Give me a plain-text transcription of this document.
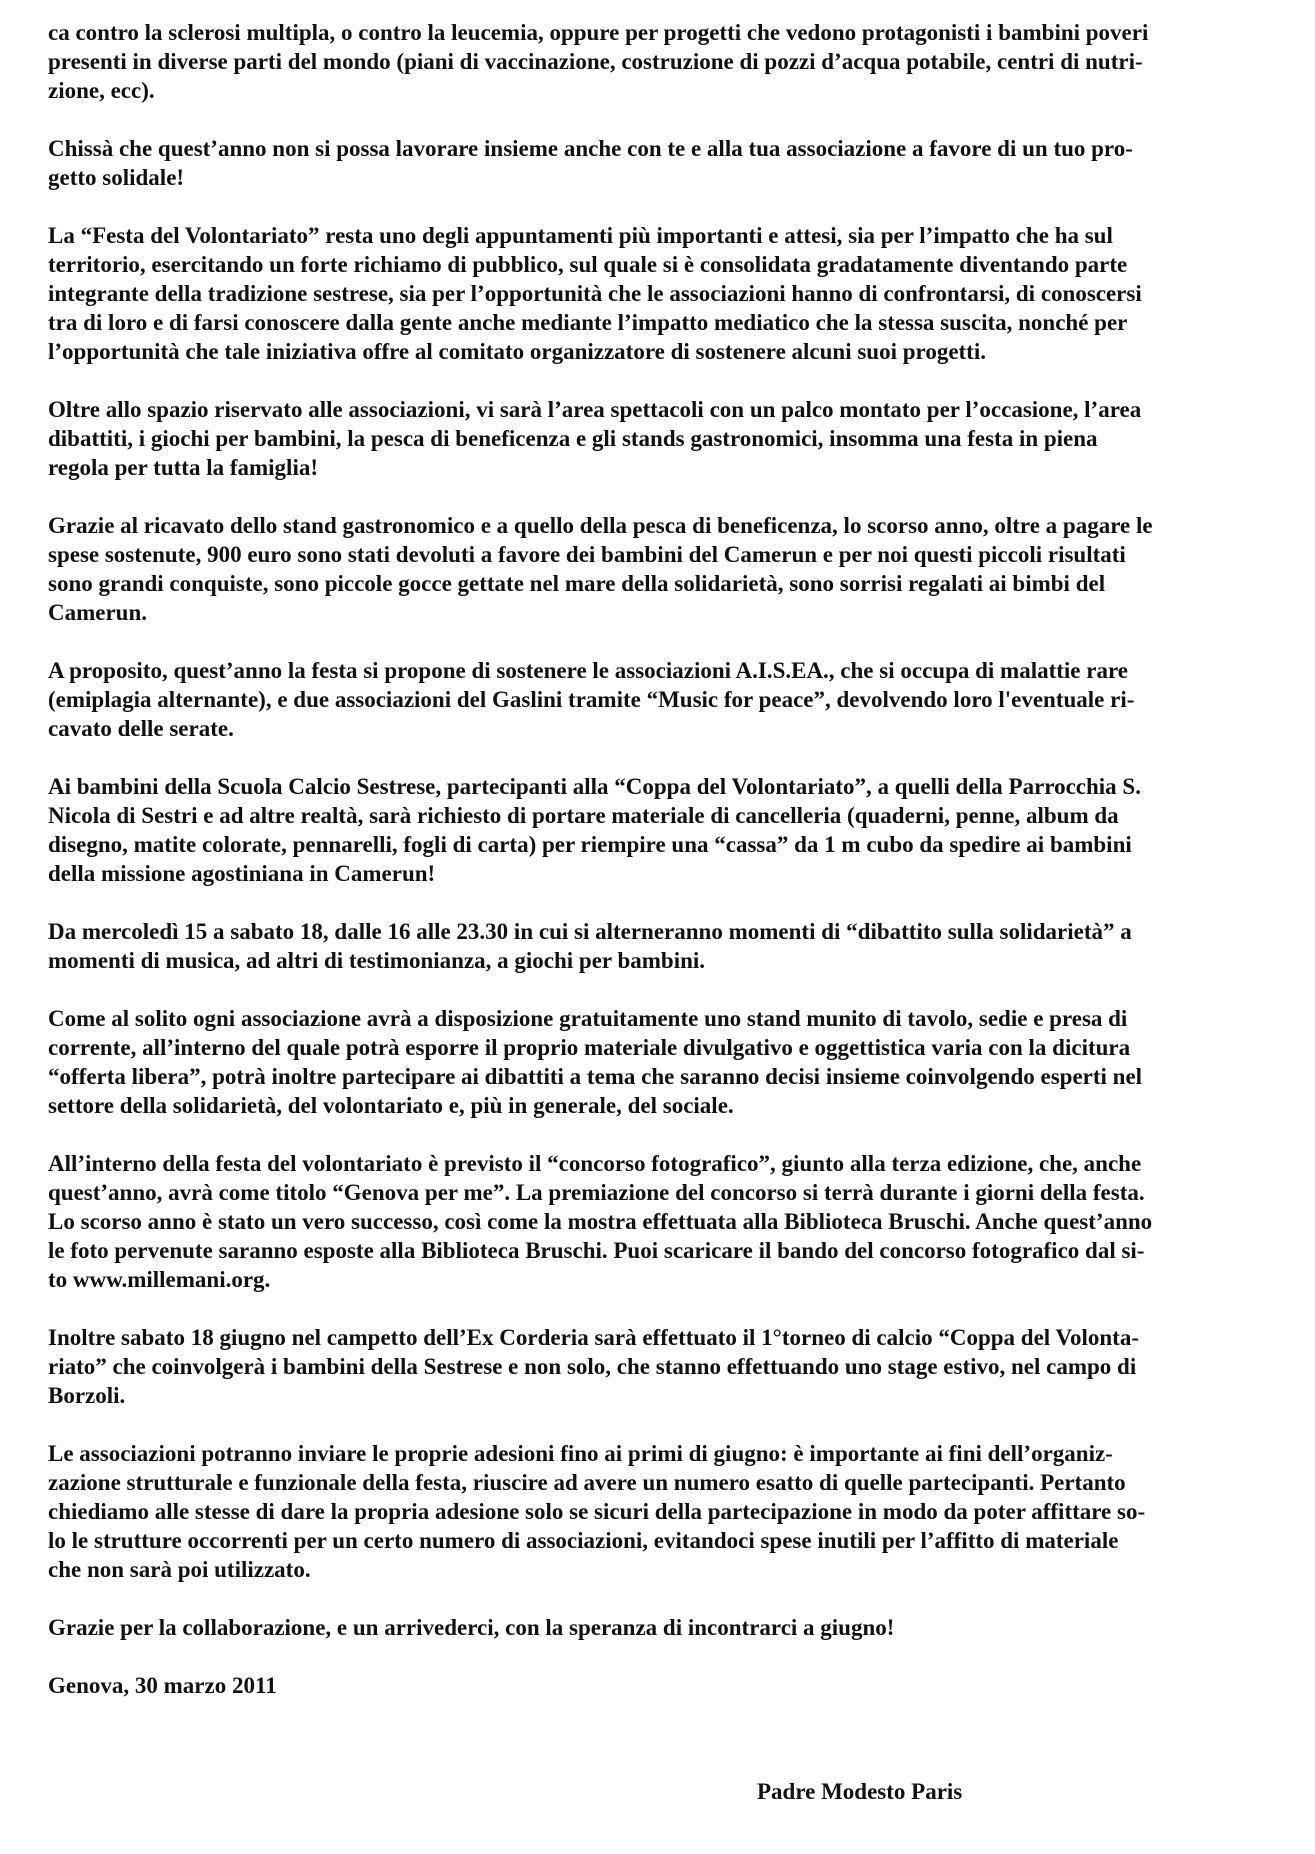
ca contro la sclerosi multipla, o contro la leucemia, oppure per progetti che vedono protagonisti i bambini poveri
presenti in diverse parti del mondo (piani di vaccinazione, costruzione di pozzi d’acqua potabile, centri di nutri-
zione, ecc).
Chissà che quest’anno non si possa lavorare insieme anche con te e alla tua associazione a favore di un tuo pro-
getto solidale!
La “Festa del Volontariato” resta uno degli appuntamenti più importanti e attesi, sia per l’impatto che ha sul
territorio, esercitando un forte richiamo di pubblico, sul quale si è consolidata gradatamente diventando parte
integrante della tradizione sestrese, sia per l’opportunità che le associazioni hanno di confrontarsi, di conoscersi
tra di loro e di farsi conoscere dalla gente anche mediante l’impatto mediatico che la stessa suscita, nonché per
l’opportunità che tale iniziativa offre al comitato organizzatore di sostenere alcuni suoi progetti.
Oltre allo spazio riservato alle associazioni, vi sarà l’area spettacoli con un palco montato per l’occasione, l’area
dibattiti, i giochi per bambini, la pesca di beneficenza e gli stands gastronomici, insomma una festa in piena
regola per tutta la famiglia!
Grazie al ricavato dello stand gastronomico e a quello della pesca di beneficenza, lo scorso anno, oltre a pagare le
spese sostenute, 900 euro sono stati devoluti a favore dei bambini del Camerun e per noi questi piccoli risultati
sono grandi conquiste, sono piccole gocce gettate nel mare della solidarietà, sono sorrisi regalati ai bimbi del
Camerun.
A proposito, quest’anno la festa si propone di sostenere le associazioni A.I.S.EA., che si occupa di malattie rare
(emiplagia alternante), e due associazioni del Gaslini tramite “Music for peace”, devolvendo loro l'eventuale ri-
cavato delle serate.
Ai bambini della Scuola Calcio Sestrese, partecipanti alla “Coppa del Volontariato”, a quelli della Parrocchia S.
Nicola di Sestri e ad altre realtà, sarà richiesto di portare materiale di cancelleria (quaderni, penne, album da
disegno, matite colorate, pennarelli, fogli di carta) per riempire una “cassa” da 1 m cubo da spedire ai bambini
della missione agostiniana in Camerun!
Da mercoledì 15 a sabato 18, dalle 16 alle 23.30 in cui si alterneranno momenti di “dibattito sulla solidarietà” a
momenti di musica, ad altri di testimonianza, a giochi per bambini.
Come al solito ogni associazione avrà a disposizione gratuitamente uno stand munito di tavolo, sedie e presa di
corrente, all’interno del quale potrà esporre il proprio materiale divulgativo e oggettistica varia con la dicitura
“offerta libera”, potrà inoltre partecipare ai dibattiti a tema che saranno decisi insieme coinvolgendo esperti nel
settore della solidarietà, del volontariato e, più in generale, del sociale.
All’interno della festa del volontariato è previsto il “concorso fotografico”, giunto alla terza edizione, che, anche
quest’anno, avrà come titolo “Genova per me”. La premiazione del concorso si terrà durante i giorni della festa.
Lo scorso anno è stato un vero successo, così come la mostra effettuata alla Biblioteca Bruschi. Anche quest’anno
le foto pervenute saranno esposte alla Biblioteca Bruschi. Puoi scaricare il bando del concorso fotografico dal si-
to www.millemani.org.
Inoltre sabato 18 giugno nel campetto dell’Ex Corderia sarà effettuato il 1°torneo di calcio “Coppa del Volonta-
riato” che coinvolgerà i bambini della Sestrese e non solo, che stanno effettuando uno stage estivo, nel campo di
Borzoli.
Le associazioni potranno inviare le proprie adesioni fino ai primi di giugno: è importante ai fini dell’organiz-
zazione strutturale e funzionale della festa, riuscire ad avere un numero esatto di quelle partecipanti. Pertanto
chiediamo alle stesse di dare la propria adesione solo se sicuri della partecipazione in modo da poter affittare so-
lo le strutture occorrenti per un certo numero di associazioni, evitandoci spese inutili per l’affitto di materiale
che non sarà poi utilizzato.
Grazie per la collaborazione, e un arrivederci, con la speranza di incontrarci a giugno!
Genova, 30 marzo 2011
Padre Modesto Paris
